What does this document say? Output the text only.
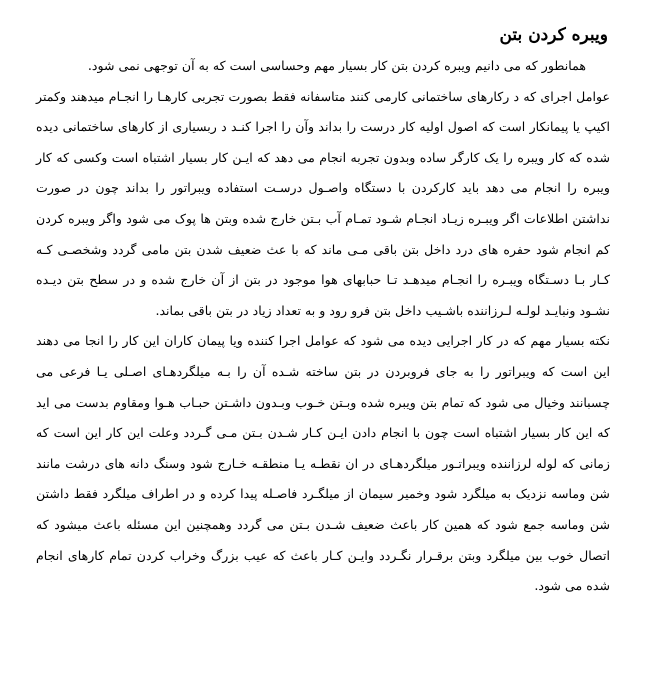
ویبره کردن بتن

همانطور که می دانیم ویبره کردن بتن کار بسیار مهم وحساسی است که به آن توجهی نمی شود.

عوامل اجرای که د رکارهای ساختمانی کارمی کنند متاسفانه فقط بصورت تجربی کارهـا را انجـام میدهند وکمتر اکیپ یا پیمانکار است که اصول اولیه کار درست را بداند وآن را اجرا کنـد د ربسیاری از کارهای ساختمانی دیده شده که کار ویبره را یک کارگر ساده وبدون تجربه انجام می دهد که ایـن کار بسیار اشتباه است وکسی که کار ویبره را انجام می دهد باید کارکردن با دستگاه واصـول درسـت استفاده ویبراتور را بداند چون در صورت نداشتن اطلاعات اگر ویبـره زیـاد انجـام شـود تمـام آب بـتن خارج شده وبتن ها پوک می شود واگر ویبره کردن کم انجام شود حفره های درد داخل بتن باقی مـی ماند که با عث ضعیف شدن بتن مامی گردد وشخصـی کـه کـار بـا دسـتگاه ویبـره را انجـام میدهـد تـا حبابهای هوا موجود در بتن از آن خارج شده و در سطح بتن دیـده نشـود ونبایـد لولـه لـرزاننده باشـیب داخل بتن فرو رود و به تعداد زیاد در بتن باقی بماند.

نکته بسیار مهم که در کار اجرایی دیده می شود که عوامل اجرا کننده ویا پیمان کاران این کار را انجا می دهند این است که ویبراتور را به جای فروبردن در بتن ساخته شـده آن را بـه میلگردهـای اصـلی یـا فرعی می چسبانند وخیال می شود که تمام بتن ویبره شده وبـتن خـوب وبـدون داشـتن حبـاب هـوا ومقاوم بدست می اید که این کار بسیار اشتباه است چون با انجام دادن ایـن کـار شـدن بـتن مـی گـردد وعلت این کار این است که زمانی که لوله لرزاننده ویبراتـور میلگردهـای در ان نقطـه یـا منطقـه خـارج شود وسنگ دانه های درشت مانند شن وماسه نزدیک به میلگرد شود وخمیر سیمان از میلگـرد فاصـله پیدا کرده و در اطراف میلگرد فقط داشتن شن وماسه جمع شود که همین کار باعث ضعیف شـدن بـتن می گردد وهمچنین این مسئله باعث میشود که اتصال خوب بین میلگرد وبتن برقـرار نگـردد وایـن کـار باعث که عیب بزرگ وخراب کردن تمام کارهای انجام شده می شود.
